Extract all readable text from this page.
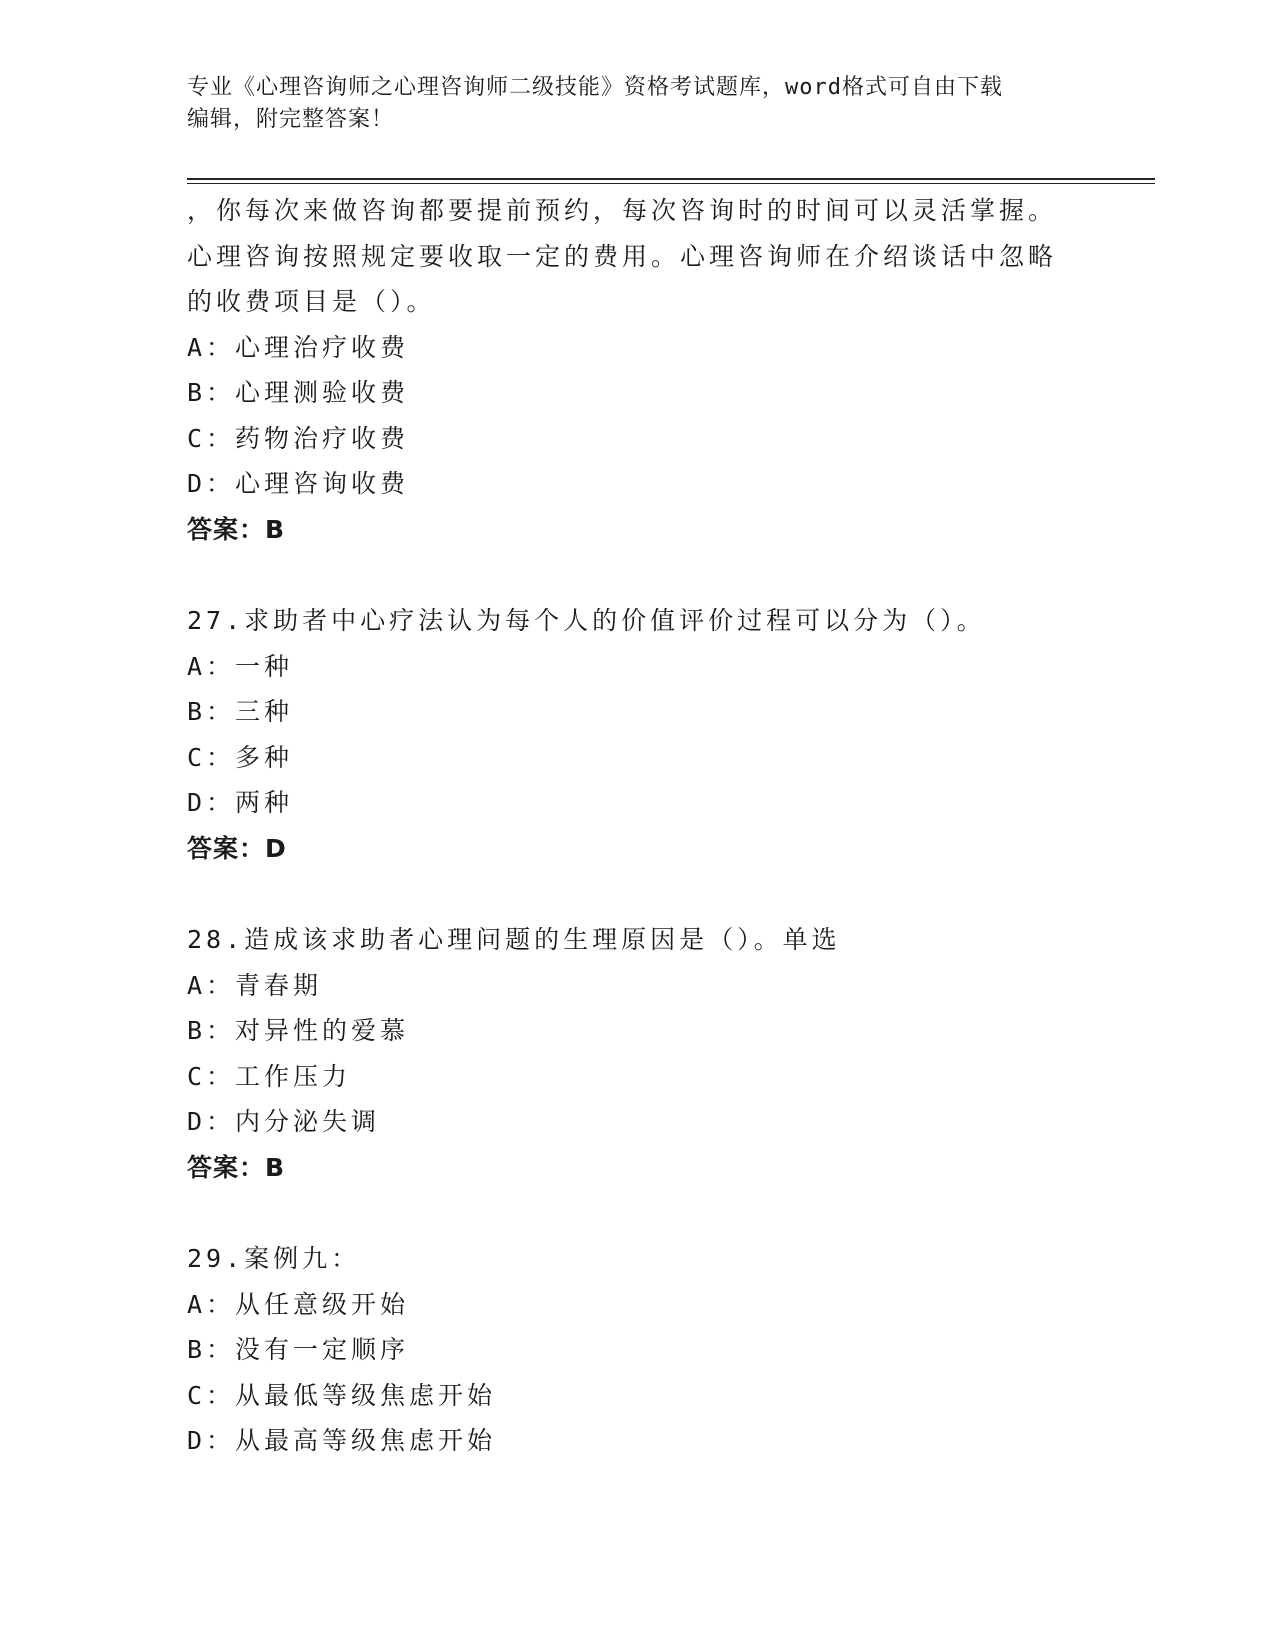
专业《心理咨询师之心理咨询师二级技能》资格考试题库，word格式可自由下载
编辑，附完整答案！
，你每次来做咨询都要提前预约，每次咨询时的时间可以灵活掌握。
心理咨询按照规定要收取一定的费用。心理咨询师在介绍谈话中忽略
的收费项目是（）。
A：心理治疗收费
B：心理测验收费
C：药物治疗收费
D：心理咨询收费
答案：B
27.求助者中心疗法认为每个人的价值评价过程可以分为（）。
A：一种
B：三种
C：多种
D：两种
答案：D
28.造成该求助者心理问题的生理原因是（）。单选
A：青春期
B：对异性的爱慕
C：工作压力
D：内分泌失调
答案：B
29.案例九：
A：从任意级开始
B：没有一定顺序
C：从最低等级焦虑开始
D：从最高等级焦虑开始
